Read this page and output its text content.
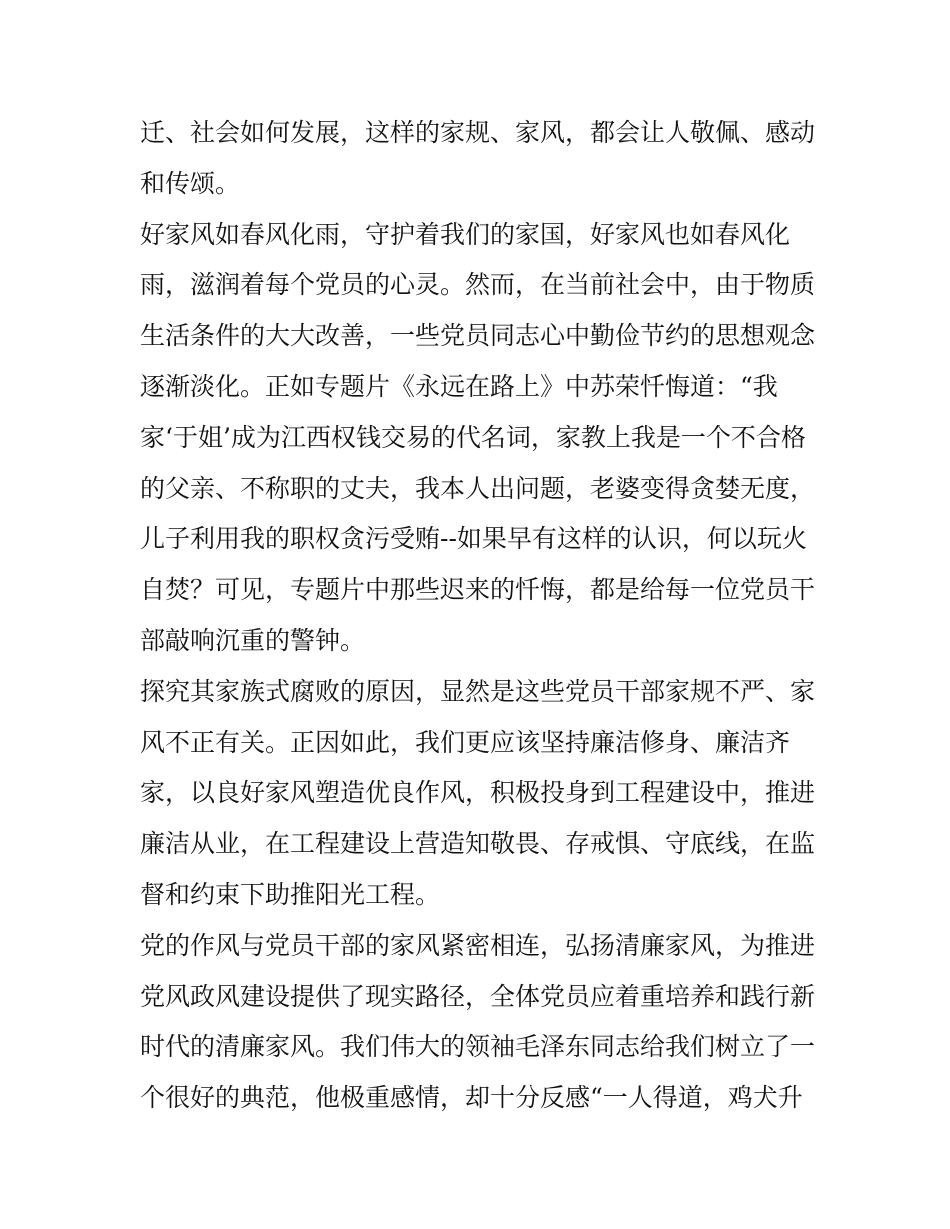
迁、社会如何发展，这样的家规、家风，都会让人敬佩、感动
和传颂。
好家风如春风化雨，守护着我们的家国，好家风也如春风化
雨，滋润着每个党员的心灵。然而，在当前社会中，由于物质
生活条件的大大改善，一些党员同志心中勤俭节约的思想观念
逐渐淡化。正如专题片《永远在路上》中苏荣忏悔道：“我
家‘于姐’成为江西权钱交易的代名词，家教上我是一个不合格
的父亲、不称职的丈夫，我本人出问题，老婆变得贪婪无度，
儿子利用我的职权贪污受贿--如果早有这样的认识，何以玩火
自焚？可见，专题片中那些迟来的忏悔，都是给每一位党员干
部敲响沉重的警钟。
探究其家族式腐败的原因，显然是这些党员干部家规不严、家
风不正有关。正因如此，我们更应该坚持廉洁修身、廉洁齐
家，以良好家风塑造优良作风，积极投身到工程建设中，推进
廉洁从业，在工程建设上营造知敬畏、存戒惧、守底线，在监
督和约束下助推阳光工程。
党的作风与党员干部的家风紧密相连，弘扬清廉家风，为推进
党风政风建设提供了现实路径，全体党员应着重培养和践行新
时代的清廉家风。我们伟大的领袖毛泽东同志给我们树立了一
个很好的典范，他极重感情，却十分反感“一人得道，鸡犬升
